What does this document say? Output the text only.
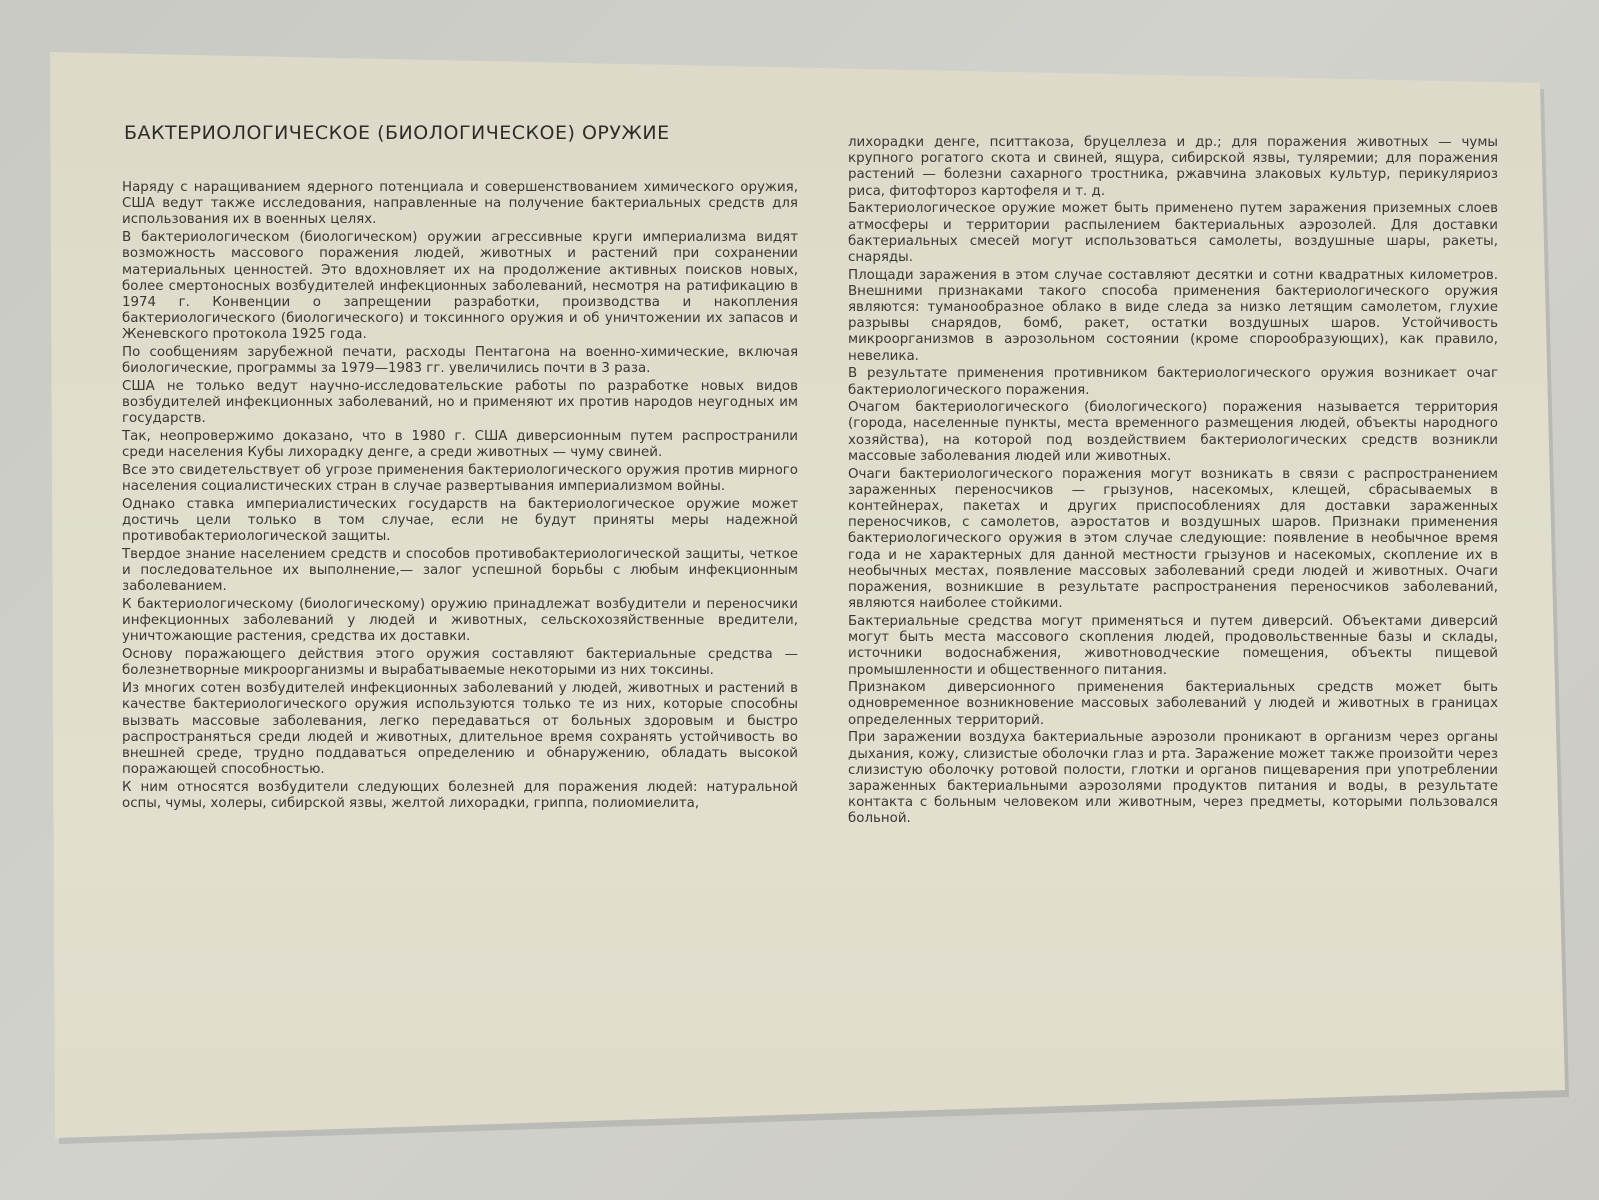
БАКТЕРИОЛОГИЧЕСКОЕ (БИОЛОГИЧЕСКОЕ) ОРУЖИЕ

Наряду с наращиванием ядерного потенциала и совершенствованием химического оружия, США ведут также исследования, направленные на получение бактериальных средств для использования их в военных целях.

В бактериологическом (биологическом) оружии агрессивные круги империализма видят возможность массового поражения людей, животных и растений при сохранении материальных ценностей. Это вдохновляет их на продолжение активных поисков новых, более смертоносных возбудителей инфекционных заболеваний, несмотря на ратификацию в 1974 г. Конвенции о запрещении разработки, производства и накопления бактериологического (биологического) и токсинного оружия и об уничтожении их запасов и Женевского протокола 1925 года.

По сообщениям зарубежной печати, расходы Пентагона на военно-химические, включая биологические, программы за 1979—1983 гг. увеличились почти в 3 раза.

США не только ведут научно-исследовательские работы по разработке новых видов возбудителей инфекционных заболеваний, но и применяют их против народов неугодных им государств.

Так, неопровержимо доказано, что в 1980 г. США диверсионным путем распространили среди населения Кубы лихорадку денге, а среди животных — чуму свиней.

Все это свидетельствует об угрозе применения бактериологического оружия против мирного населения социалистических стран в случае развертывания империализмом войны.

Однако ставка империалистических государств на бактериологическое оружие может достичь цели только в том случае, если не будут приняты меры надежной противобактериологической защиты.

Твердое знание населением средств и способов противобактериологической защиты, четкое и последовательное их выполнение,— залог успешной борьбы с любым инфекционным заболеванием.

К бактериологическому (биологическому) оружию принадлежат возбудители и переносчики инфекционных заболеваний у людей и животных, сельскохозяйственные вредители, уничтожающие растения, средства их доставки.

Основу поражающего действия этого оружия составляют бактериальные средства — болезнетворные микроорганизмы и вырабатываемые некоторыми из них токсины.

Из многих сотен возбудителей инфекционных заболеваний у людей, животных и растений в качестве бактериологического оружия используются только те из них, которые способны вызвать массовые заболевания, легко передаваться от больных здоровым и быстро распространяться среди людей и животных, длительное время сохранять устойчивость во внешней среде, трудно поддаваться определению и обнаружению, обладать высокой поражающей способностью.

К ним относятся возбудители следующих болезней для поражения людей: натуральной оспы, чумы, холеры, сибирской язвы, желтой лихорадки, гриппа, полиомиелита,

лихорадки денге, пситтакоза, бруцеллеза и др.; для поражения животных — чумы крупного рогатого скота и свиней, ящура, сибирской язвы, туляремии; для поражения растений — болезни сахарного тростника, ржавчина злаковых культур, перикуляриоз риса, фитофтороз картофеля и т. д.

Бактериологическое оружие может быть применено путем заражения приземных слоев атмосферы и территории распылением бактериальных аэрозолей. Для доставки бактериальных смесей могут использоваться самолеты, воздушные шары, ракеты, снаряды.

Площади заражения в этом случае составляют десятки и сотни квадратных километров. Внешними признаками такого способа применения бактериологического оружия являются: туманообразное облако в виде следа за низко летящим самолетом, глухие разрывы снарядов, бомб, ракет, остатки воздушных шаров. Устойчивость микроорганизмов в аэрозольном состоянии (кроме спорообразующих), как правило, невелика.

В результате применения противником бактериологического оружия возникает очаг бактериологического поражения.

Очагом бактериологического (биологического) поражения называется территория (города, населенные пункты, места временного размещения людей, объекты народного хозяйства), на которой под воздействием бактериологических средств возникли массовые заболевания людей или животных.

Очаги бактериологического поражения могут возникать в связи с распространением зараженных переносчиков — грызунов, насекомых, клещей, сбрасываемых в контейнерах, пакетах и других приспособлениях для доставки зараженных переносчиков, с самолетов, аэростатов и воздушных шаров. Признаки применения бактериологического оружия в этом случае следующие: появление в необычное время года и не характерных для данной местности грызунов и насекомых, скопление их в необычных местах, появление массовых заболеваний среди людей и животных. Очаги поражения, возникшие в результате распространения переносчиков заболеваний, являются наиболее стойкими.

Бактериальные средства могут применяться и путем диверсий. Объектами диверсий могут быть места массового скопления людей, продовольственные базы и склады, источники водоснабжения, животноводческие помещения, объекты пищевой промышленности и общественного питания.

Признаком диверсионного применения бактериальных средств может быть одновременное возникновение массовых заболеваний у людей и животных в границах определенных территорий.

При заражении воздуха бактериальные аэрозоли проникают в организм через органы дыхания, кожу, слизистые оболочки глаз и рта. Заражение может также произойти через слизистую оболочку ротовой полости, глотки и органов пищеварения при употреблении зараженных бактериальными аэрозолями продуктов питания и воды, в результате контакта с больным человеком или животным, через предметы, которыми пользовался больной.
